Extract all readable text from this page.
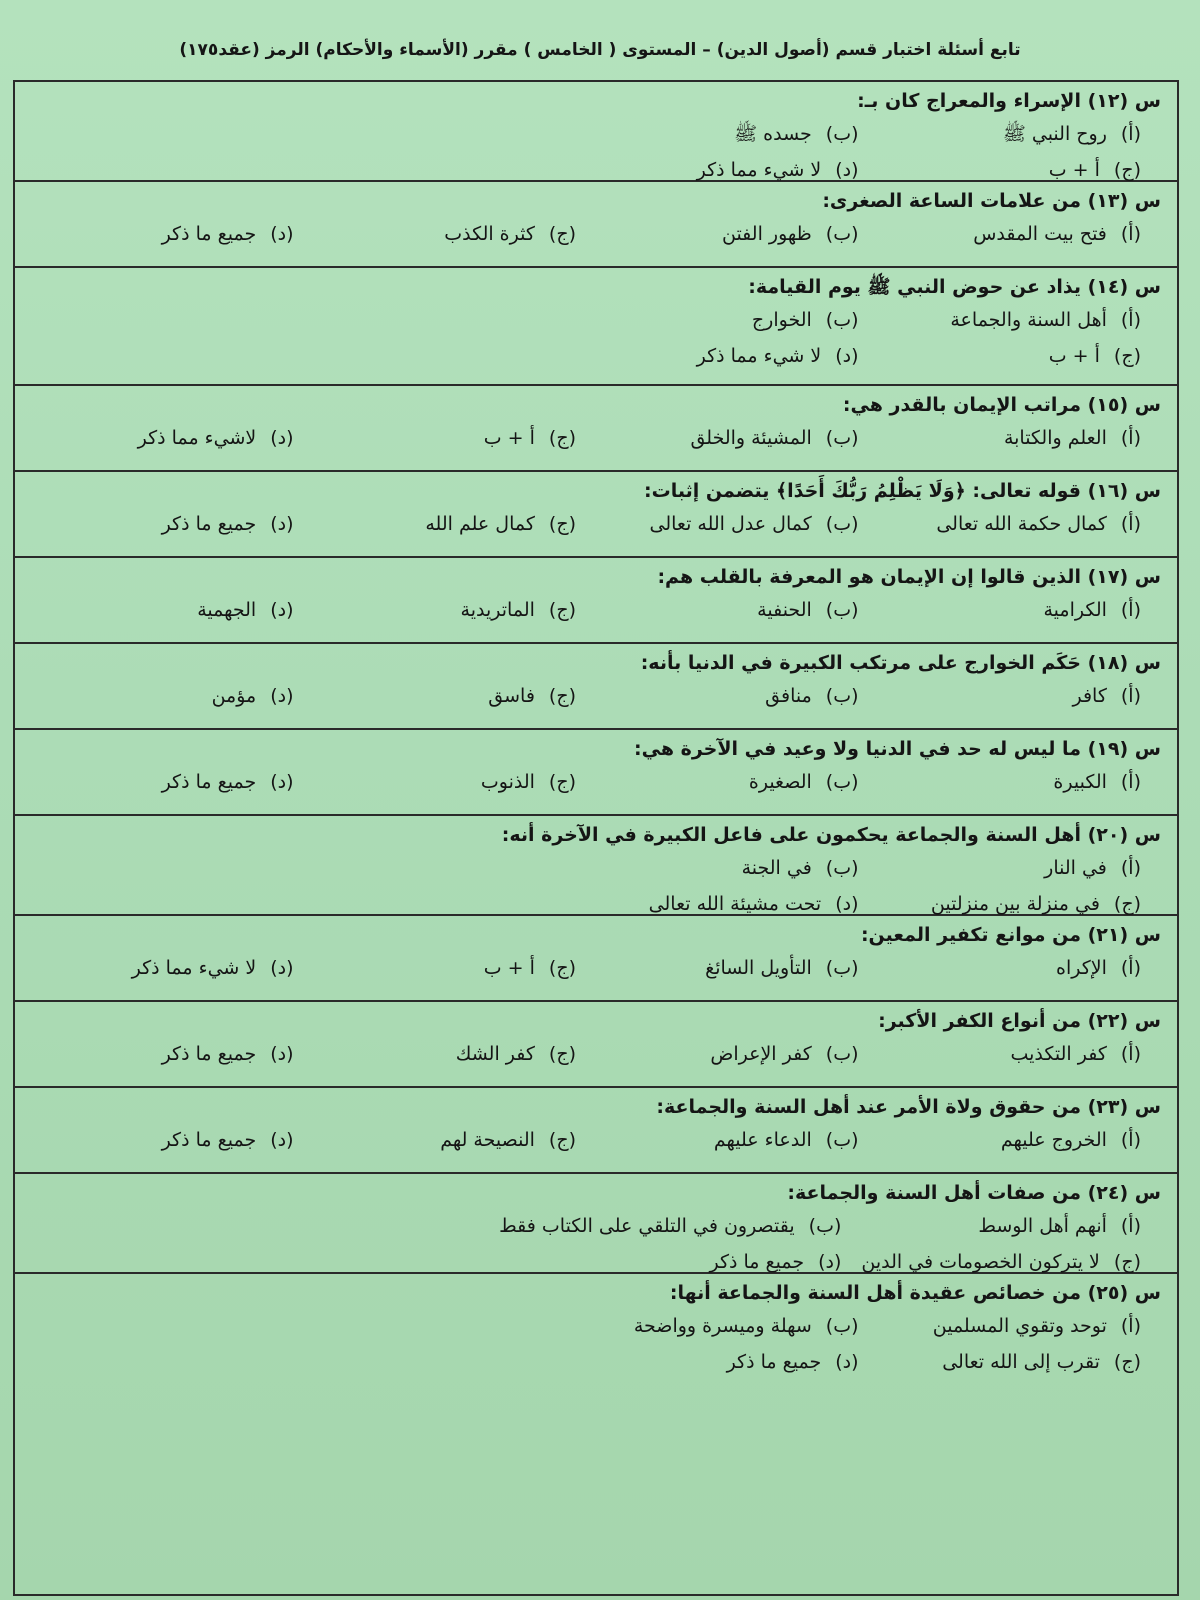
تابع أسئلة اختبار قسم (أصول الدين) – المستوى ( الخامس ) مقرر (الأسماء والأحكام) الرمز (عقد١٧٥)
س (١٢) الإسراء والمعراج كان بـ:
(أ)روح النبي ﷺ
(ب)جسده ﷺ
(ج)أ + ب
(د)لا شيء مما ذكر
س (١٣) من علامات الساعة الصغرى:
(أ)فتح بيت المقدس
(ب)ظهور الفتن
(ج)كثرة الكذب
(د)جميع ما ذكر
س (١٤) يذاد عن حوض النبي ﷺ يوم القيامة:
(أ)أهل السنة والجماعة
(ب)الخوارج
(ج)أ + ب
(د)لا شيء مما ذكر
س (١٥) مراتب الإيمان بالقدر هي:
(أ)العلم والكتابة
(ب)المشيئة والخلق
(ج)أ + ب
(د)لاشيء مما ذكر
س (١٦) قوله تعالى: ﴿وَلَا يَظْلِمُ رَبُّكَ أَحَدًا﴾ يتضمن إثبات:
(أ)كمال حكمة الله تعالى
(ب)كمال عدل الله تعالى
(ج)كمال علم الله
(د)جميع ما ذكر
س (١٧) الذين قالوا إن الإيمان هو المعرفة بالقلب هم:
(أ)الكرامية
(ب)الحنفية
(ج)الماتريدية
(د)الجهمية
س (١٨) حَكَم الخوارج على مرتكب الكبيرة في الدنيا بأنه:
(أ)كافر
(ب)منافق
(ج)فاسق
(د)مؤمن
س (١٩) ما ليس له حد في الدنيا ولا وعيد في الآخرة هي:
(أ)الكبيرة
(ب)الصغيرة
(ج)الذنوب
(د)جميع ما ذكر
س (٢٠) أهل السنة والجماعة يحكمون على فاعل الكبيرة في الآخرة أنه:
(أ)في النار
(ب)في الجنة
(ج)في منزلة بين منزلتين
(د)تحت مشيئة الله تعالى
س (٢١) من موانع تكفير المعين:
(أ)الإكراه
(ب)التأويل السائغ
(ج)أ + ب
(د)لا شيء مما ذكر
س (٢٢) من أنواع الكفر الأكبر:
(أ)كفر التكذيب
(ب)كفر الإعراض
(ج)كفر الشك
(د)جميع ما ذكر
س (٢٣) من حقوق ولاة الأمر عند أهل السنة والجماعة:
(أ)الخروج عليهم
(ب)الدعاء عليهم
(ج)النصيحة لهم
(د)جميع ما ذكر
س (٢٤) من صفات أهل السنة والجماعة:
(أ)أنهم أهل الوسط
(ب)يقتصرون في التلقي على الكتاب فقط
(ج)لا يتركون الخصومات في الدين
(د)جميع ما ذكر
س (٢٥) من خصائص عقيدة أهل السنة والجماعة أنها:
(أ)توحد وتقوي المسلمين
(ب)سهلة وميسرة وواضحة
(ج)تقرب إلى الله تعالى
(د)جميع ما ذكر
